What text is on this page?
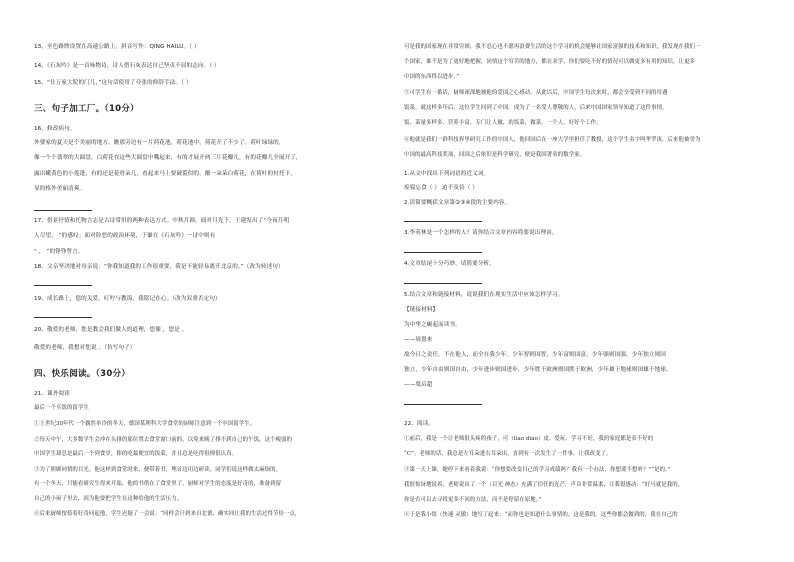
13、至色路牌设置在高速公路上，拼音写作：QING HAILU。（ ）
14、《石灰吟》是一首咏物诗，诗人借石灰表达自己坚贞不屈的志向。（ ）
15、“仕万家大院的门儿，”这句话使用了夸张的修辞手法。（ ）
三、句子加工厂。（10分）
16、修改病句。
外婆家的夏天是个美丽的地方。瞧那旁边有一片荷花池，荷花池中，荷花开了不少了。荷叶绿绿的，
像一个个翡翠的大圆盘，白荷花在这些大圆盘中嘴起来，有的才展开两三片花瓣儿，有的花瓣儿全展开了，
露出嫩黄色的小莲蓬，有的还是花骨朵儿，看起来马上要破裂似的，酿一朵朵白荷花，在荷叶的衬托下，
显的格外美丽清爽。
17、借景抒情和托物言志是古诗常用的两种表达方式。中秋月圆，面对月光下，王建发出了“今夜月明
人尽望， ”的感叹；面对险恶的政治环境，于谦在《石灰吟》一诗中则有
“ ， ”的铮铮誓言。
18、父亲坚决地对母亲说：“你我知道我的工作很重要，我是不能轻易离开北京的。”（改为转述句）
19、成长路上，您的关爱、叮咛与教诲，我铭记在心。（改为双重否定句）
20、敬爱的老师，您是教会我们做人的道理，您像 ，您是 。
敬爱的老师，我想对您说 。（仿写句子）
四、快乐阅读。（30分）
21、课外阅读
最后一个买饭的留学生
①上世纪30年代一个偶然单冷的冬天，德国某理科大学食堂的厨师注意到一个中国留学生。
②每天中午，大多数学生会冲在头排的那位置去食堂窗口前的，以免来晚了排不到自己的午饭，这个瘦弱的
中国学生却总是最后一个到食堂，捧的吃最便宜的饭菜，并且总是吃得很慢很认真。
③为了照顾同情的目光。他这样到食堂时来，便带着书，埋首边用边研读。同学们说这样做太麻烦的，
有一个冬天，只能看研究生得来开始，他的书借在了食堂里了，厨师对学生的态度是好奇的，准备到留
自己的小屋子里去，因为他要把学生在这种给他的生活压力。
④后来厨师按捺着好奇问起他，学生迟疑了一会说：“同样会计到来自北德，确实同让我的生活过得节俭一点，
可是我的国家现在非常穷困，我不忍心也不愿再浪费生活的这个学习的机会能够让国家富强的技术和知识。我发现在我们一
个国家，谁不是为了更好地把握，同情这个穷苦的地方，都在求学，你们要吃不好的情况可以做更多有用的知识，让更多
中国的东西得以进步。”
⑤可学生有一番话，厨师深深地被他的爱国之心感动。从此以后，中国学生每次来时，都会享受到不同的待遇
饭菜。就这样多年后，这位学生回到了中国。成为了一名受人尊敬的人，后来中国国家领导知道了这件事情，
饭、菜量多样多，营养丰富，专门让人做，的饭菜，做菜。一个人，好好个工作。
⑥他就是我们一群科技界里研究工作的中国人，他回国后在一座大学里担任了教授，这个学生名字叫华罗庚，后来他被誉为
中国的最高科技奖项，回国之后依旧是科学研究，便是我国著名的数学家。
1.从文中找出下列词语的近义词。
废寝忘食（ ） 迫不及待（ ）
2.请简要概括文章第②③④段的主要内容。
3.李英林是一个怎样的人？请你结合文章内容简要说出理由。
4.文章结尾十分巧妙，请简要分析。
5.结合文章和链接材料，说说我们在现实生活中应该怎样学习。
【链接材料】
为中华之崛起而读书。
——周恩来
故今日之责任，不在他人，而全在我少年。少年智则国智，少年富则国富，少年强则国强，少年独立则国
独立，少年自由则国自由，少年进步则国进步，少年胜于欧洲则国胜于欧洲，少年雄于地球则国雄于地球。
——梁启超
22、阅读。
①前后，我是一个让老师很头疼的孩子，可（liao diao）皮、爱玩、学习不好，我的家庭都是表不好的
“C”。老师的话，我总是左耳朵进右耳朵出，直到有一次发生了一件事，让我改变了。
③第一天上课，她停下来看着我说：“你想要改变目己的学习成绩吗？我有一个办法，你想要不想听？”“是的。”
我很惊讶地说着，老师说出了一个（目光 神态）充满了信任的光芒，声音非常温柔，让我很感动：“好马就是我的，
你是否可以去寻找更多不同的方法，而不是停留在原地。”
④于是我小组（快速 灵敏）地写了起来：“而你也是知道什么事情的，这是我的。这些你都会做到的，我在自己的
